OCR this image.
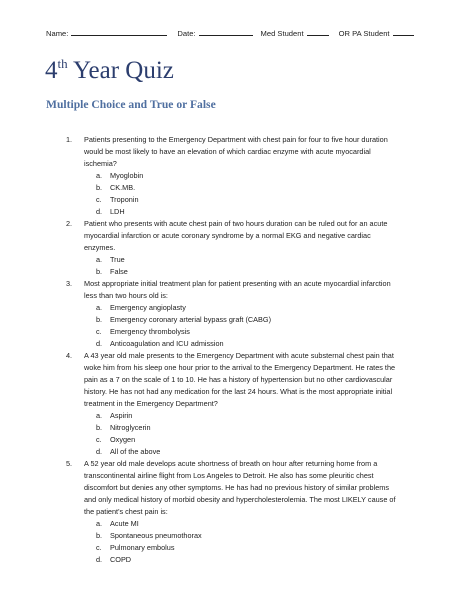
Name:	Date:	Med Student	OR PA Student
4th Year Quiz
Multiple Choice and True or False
1. Patients presenting to the Emergency Department with chest pain for four to five hour duration would be most likely to have an elevation of which cardiac enzyme with acute myocardial ischemia?
a. Myoglobin
b. CK.MB.
c. Troponin
d. LDH
2. Patient who presents with acute chest pain of two hours duration can be ruled out for an acute myocardial infarction or acute coronary syndrome by a normal EKG and negative cardiac enzymes.
a. True
b. False
3. Most appropriate initial treatment plan for patient presenting with an acute myocardial infarction less than two hours old is:
a. Emergency angioplasty
b. Emergency coronary arterial bypass graft (CABG)
c. Emergency thrombolysis
d. Anticoagulation and ICU admission
4. A 43 year old male presents to the Emergency Department with acute substernal chest pain that woke him from his sleep one hour prior to the arrival to the Emergency Department. He rates the pain as a 7 on the scale of 1 to 10. He has a history of hypertension but no other cardiovascular history. He has not had any medication for the last 24 hours. What is the most appropriate initial treatment in the Emergency Department?
a. Aspirin
b. Nitroglycerin
c. Oxygen
d. All of the above
5. A 52 year old male develops acute shortness of breath on hour after returning home from a transcontinental airline flight from Los Angeles to Detroit. He also has some pleuritic chest discomfort but denies any other symptoms. He has had no previous history of similar problems and only medical history of morbid obesity and hypercholesterolemia. The most LIKELY cause of the patient's chest pain is:
a. Acute MI
b. Spontaneous pneumothorax
c. Pulmonary embolus
d. COPD
